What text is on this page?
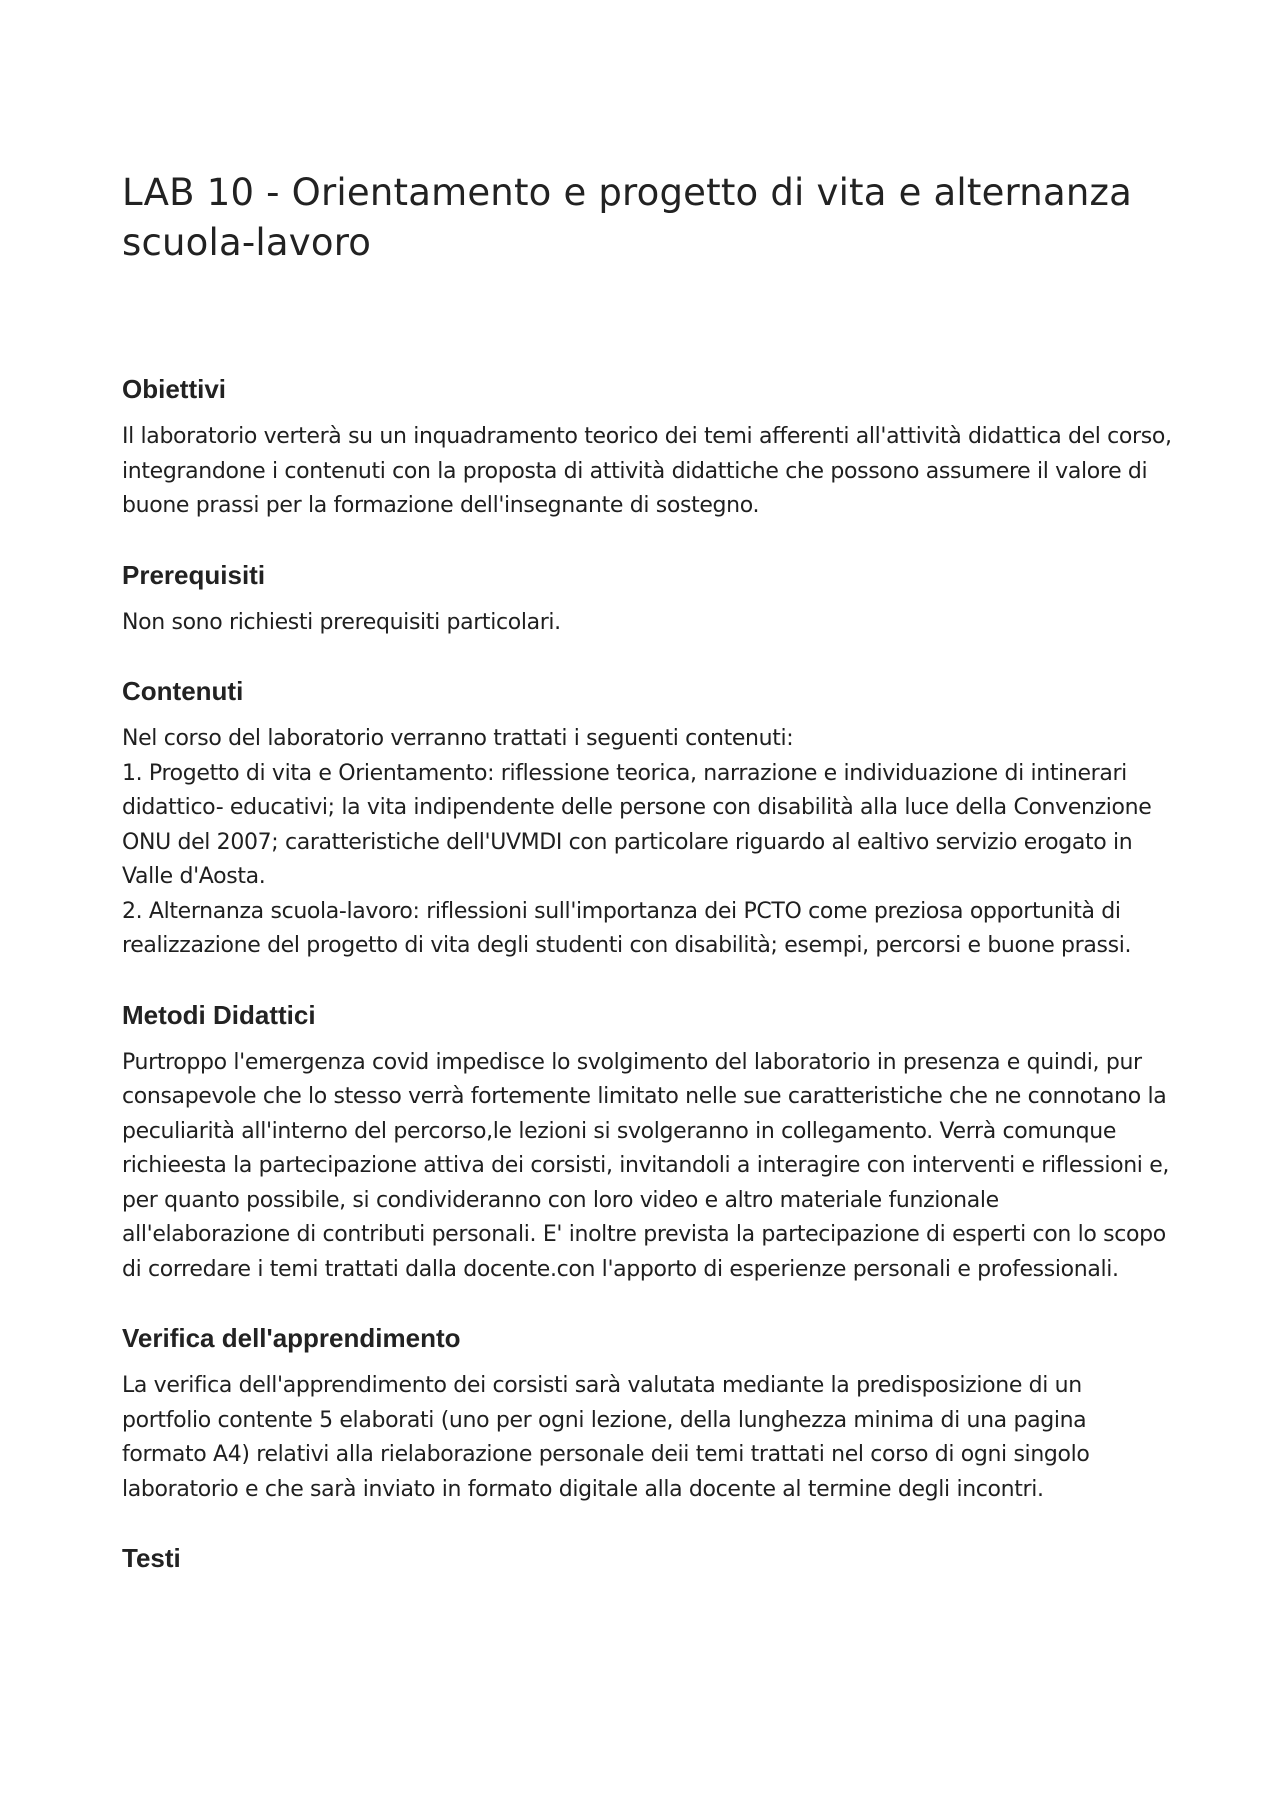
LAB 10 - Orientamento e progetto di vita e alternanza scuola-lavoro
Obiettivi

Il laboratorio verterà su un inquadramento teorico dei temi afferenti all'attività didattica del corso, integrandone i contenuti con la proposta di attività didattiche che possono assumere il valore di buone prassi per la formazione dell'insegnante di sostegno.

Prerequisiti

Non sono richiesti prerequisiti particolari.

Contenuti

Nel corso del laboratorio verranno trattati i seguenti contenuti:

1. Progetto di vita e Orientamento: riflessione teorica, narrazione e individuazione di intinerari didattico- educativi; la vita indipendente delle persone con disabilità alla luce della Convenzione ONU del 2007; caratteristiche dell'UVMDI con particolare riguardo al ealtivo servizio erogato in Valle d'Aosta.

2. Alternanza scuola-lavoro: riflessioni sull'importanza dei PCTO come preziosa opportunità di realizzazione del progetto di vita degli studenti con disabilità; esempi, percorsi e buone prassi.

Metodi Didattici

Purtroppo l'emergenza covid impedisce lo svolgimento del laboratorio in presenza e quindi, pur consapevole che lo stesso verrà fortemente limitato nelle sue caratteristiche che ne connotano la peculiarità all'interno del percorso,le lezioni si svolgeranno in collegamento. Verrà comunque richieesta la partecipazione attiva dei corsisti, invitandoli a interagire con interventi e riflessioni e, per quanto possibile, si condivideranno con loro video e altro materiale funzionale all'elaborazione di contributi personali. E' inoltre prevista la partecipazione di esperti con lo scopo di corredare i temi trattati dalla docente.con l'apporto di esperienze personali e professionali.

Verifica dell'apprendimento

La verifica dell'apprendimento dei corsisti sarà valutata mediante la predisposizione di un portfolio contente 5 elaborati (uno per ogni lezione, della lunghezza minima di una pagina formato A4) relativi alla rielaborazione personale deii temi trattati nel corso di ogni singolo laboratorio e che sarà inviato in formato digitale alla docente al termine degli incontri.

Testi
